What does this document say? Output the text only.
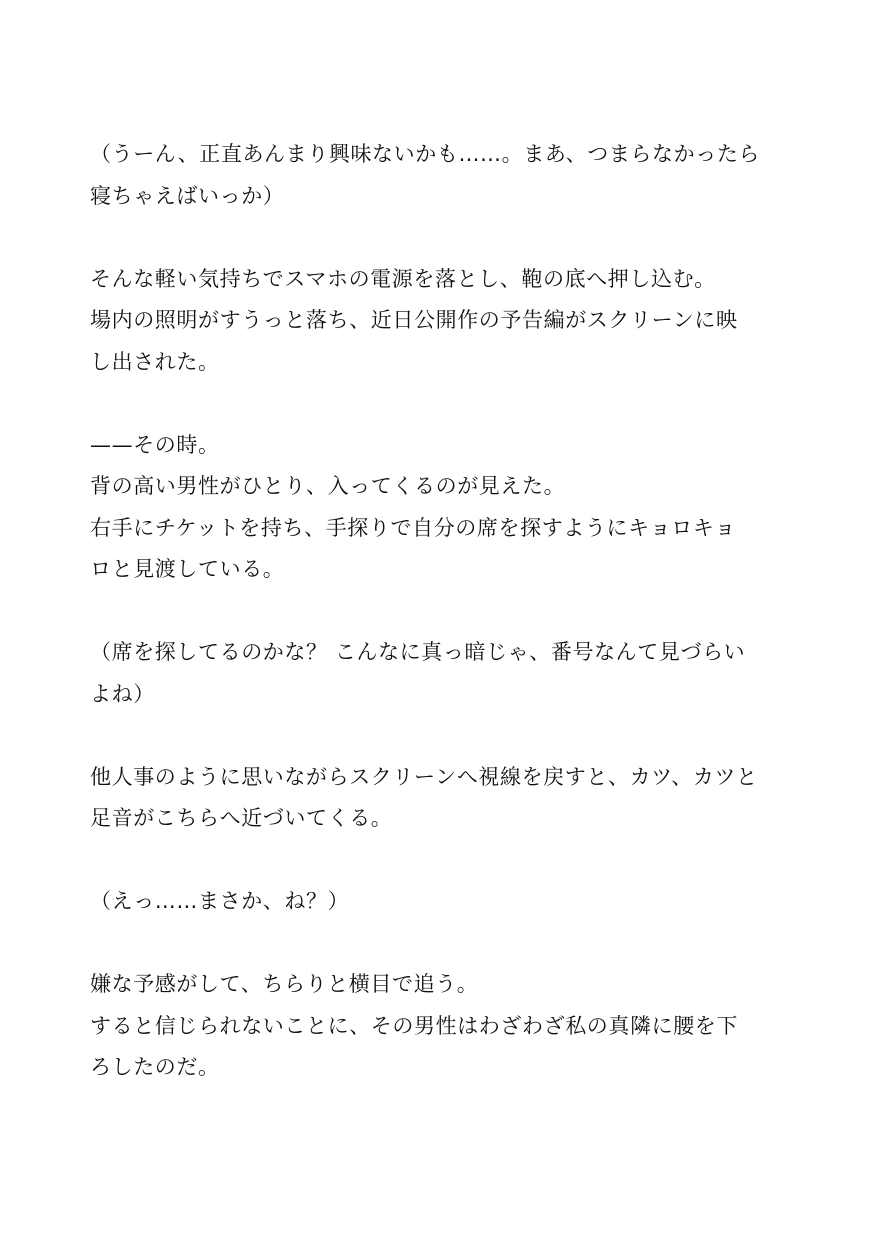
（うーん、正直あんまり興味ないかも……。まあ、つまらなかったら
寝ちゃえばいっか）
そんな軽い気持ちでスマホの電源を落とし、鞄の底へ押し込む。
場内の照明がすうっと落ち、近日公開作の予告編がスクリーンに映
し出された。
——その時。
背の高い男性がひとり、入ってくるのが見えた。
右手にチケットを持ち、手探りで自分の席を探すようにキョロキョ
ロと見渡している。
（席を探してるのかな？ こんなに真っ暗じゃ、番号なんて見づらい
よね）
他人事のように思いながらスクリーンへ視線を戻すと、カツ、カツと
足音がこちらへ近づいてくる。
（えっ……まさか、ね？）
嫌な予感がして、ちらりと横目で追う。
すると信じられないことに、その男性はわざわざ私の真隣に腰を下
ろしたのだ。
